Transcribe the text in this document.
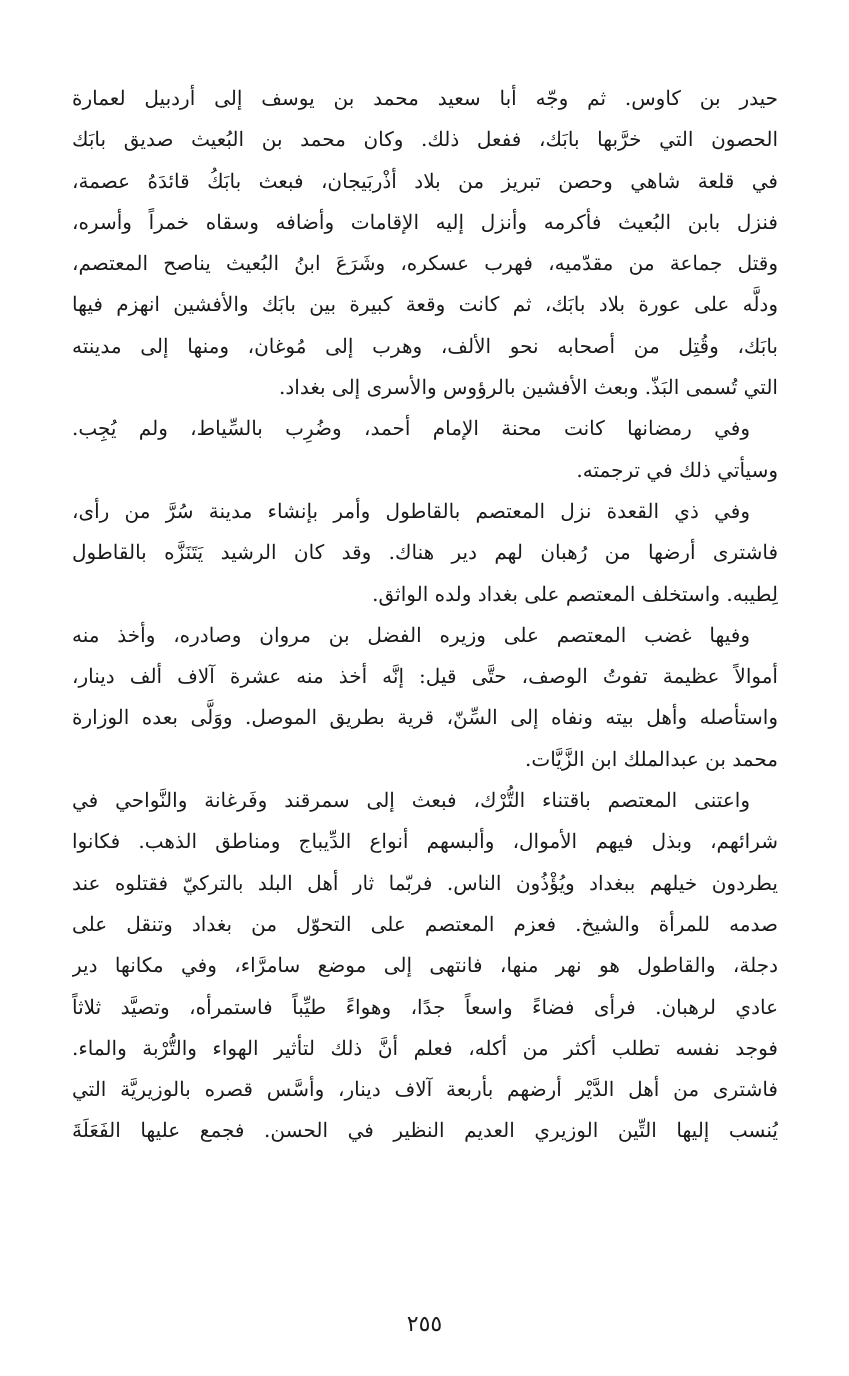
حيدر بن كاوس. ثم وجّه أبا سعيد محمد بن يوسف إلى أردبيل لعمارة
الحصون التي خرَّبها بابَك، ففعل ذلك. وكان محمد بن البُعيث صديق بابَك
في قلعة شاهي وحصن تبريز من بلاد أذْربَيجان، فبعث بابَكُ قائدَهُ عصمة،
فنزل بابن البُعيث فأكرمه وأنزل إليه الإقامات وأضافه وسقاه خمراً وأسره،
وقتل جماعة من مقدّميه، فهرب عسكره، وشَرَعَ ابنُ البُعيث يناصح المعتصم،
ودلَّه على عورة بلاد بابَك، ثم كانت وقعة كبيرة بين بابَك والأفشين انهزم فيها
بابَك، وقُتِل من أصحابه نحو الألف، وهرب إلى مُوغان، ومنها إلى مدينته
التي تُسمى البَذّ. وبعث الأفشين بالرؤوس والأسرى إلى بغداد.
وفي رمضانها كانت محنة الإمام أحمد، وضُرِب بالسِّياط، ولم يُجِب.
وسيأتي ذلك في ترجمته.
وفي ذي القعدة نزل المعتصم بالقاطول وأمر بإنشاء مدينة سُرَّ من رأى،
فاشترى أرضها من رُهبان لهم دير هناك. وقد كان الرشيد يَتَنَزَّه بالقاطول
لِطيبه. واستخلف المعتصم على بغداد ولده الواثق.
وفيها غضب المعتصم على وزيره الفضل بن مروان وصادره، وأخذ منه
أموالاً عظيمة تفوتُ الوصف، حتَّى قيل: إنَّه أخذ منه عشرة آلاف ألف دينار،
واستأصله وأهل بيته ونفاه إلى السِّنّ، قرية بطريق الموصل. ووَلَّى بعده الوزارة
محمد بن عبدالملك ابن الزَّيَّات.
واعتنى المعتصم باقتناء التُّرْك، فبعث إلى سمرقند وفَرغانة والنَّواحي في
شرائهم، وبذل فيهم الأموال، وألبسهم أنواع الدِّيباج ومناطق الذهب. فكانوا
يطردون خيلهم ببغداد ويُؤْذُون الناس. فربّما ثار أهل البلد بالتركيّ فقتلوه عند
صدمه للمرأة والشيخ. فعزم المعتصم على التحوّل من بغداد وتنقل على
دجلة، والقاطول هو نهر منها، فانتهى إلى موضع سامرَّاء، وفي مكانها دير
عادي لرهبان. فرأى فضاءً واسعاً جدًا، وهواءً طيِّباً فاستمرأه، وتصيَّد ثلاثاً
فوجد نفسه تطلب أكثر من أكله، فعلم أنَّ ذلك لتأثير الهواء والتُّرْبة والماء.
فاشترى من أهل الدَّيْر أرضهم بأربعة آلاف دينار، وأسَّس قصره بالوزيريَّة التي
يُنسب إليها التِّين الوزيري العديم النظير في الحسن. فجمع عليها الفَعَلَةَ
٢٥٥
